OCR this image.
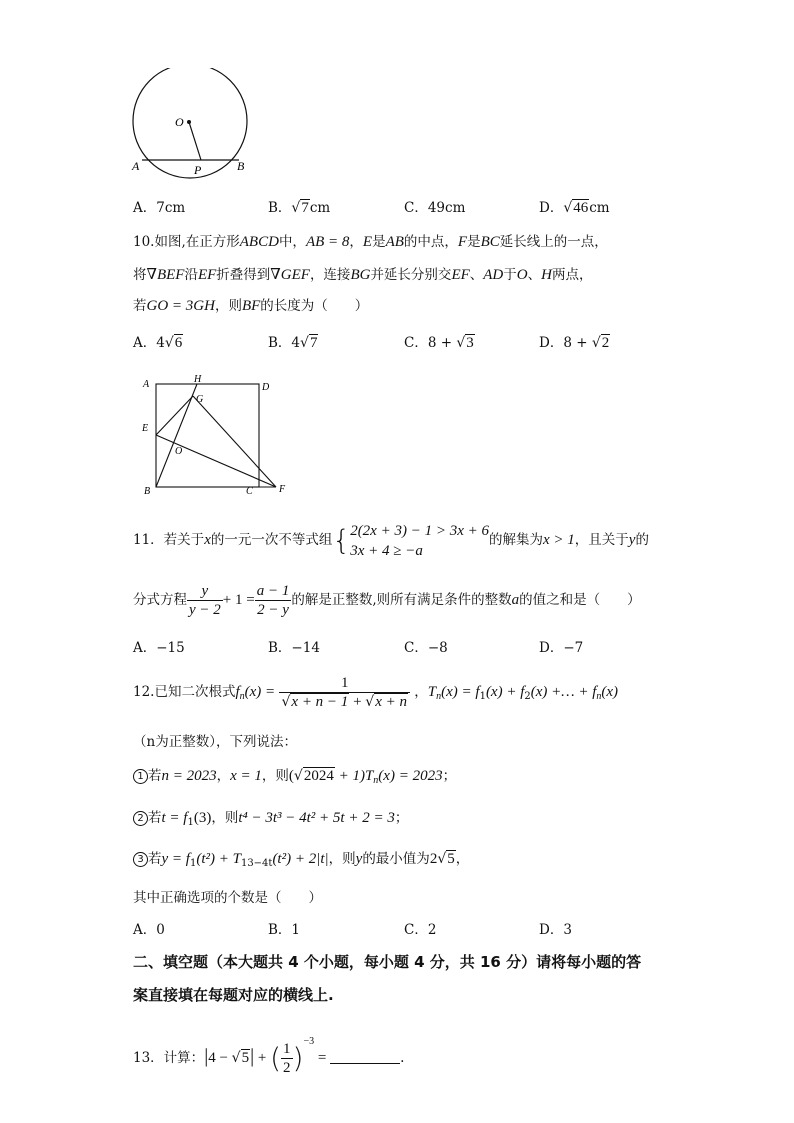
O
A	B
P
A．7cm	B．√7cm	C．49cm	D．√46cm
10.如图,在正方形ABCD中，AB = 8，E是AB的中点，F是BC延长线上的一点，
将∇BEF沿EF折叠得到∇GEF，连接BG并延长分别交EF、AD于O、H两点，
若GO = 3GH，则BF的长度为（　　）
A．4√6	B．4√7	C．8 + √3	D．8 + √2
A	H
D
G
E
O
B	C	F
11．若关于x的一元一次不等式组{ 2(2x + 3) − 1 > 3x + 6
3x + 4 ≥ −a
的解集为x > 1，且关于y的
分式方程 $\frac{y}{y - 2} + 1 = \frac{a - 1}{2 - y}$ 的解是正整数,则所有满足条件的整数a的值之和是（　　）
A．−15	B．−14	C．−8	D．−7
12.已知二次根式$f_n(x) = \frac{1}{√x + n - 1 + √x + n}$ ，$T_n(x) = f_1(x) + f_2(x)$ +… + $f_n(x)$
（n为正整数），下列说法：
1 若n = 2023，x = 1，则$(√2024 + 1)T_n(x) = 2023$；
2 若$t = f_1(3)$，则t⁴ − 3t³ − 4t² + 5t + 2 = 3；
3 若$y = f_1(t^2) + T_{13-4t}(t^2) + 2|t|$，则y的最小值为2√5，
其中正确选项的个数是（　　）
A．0	B．1	C．2	D．3
二、填空题（本大题共 4 个小题，每小题 4 分，共 16 分）请将每小题的答
案直接填在每题对应的横线上.
13．计算：|4 − √5| + ( $\frac{1}{2} )^{-3}$ =	.
